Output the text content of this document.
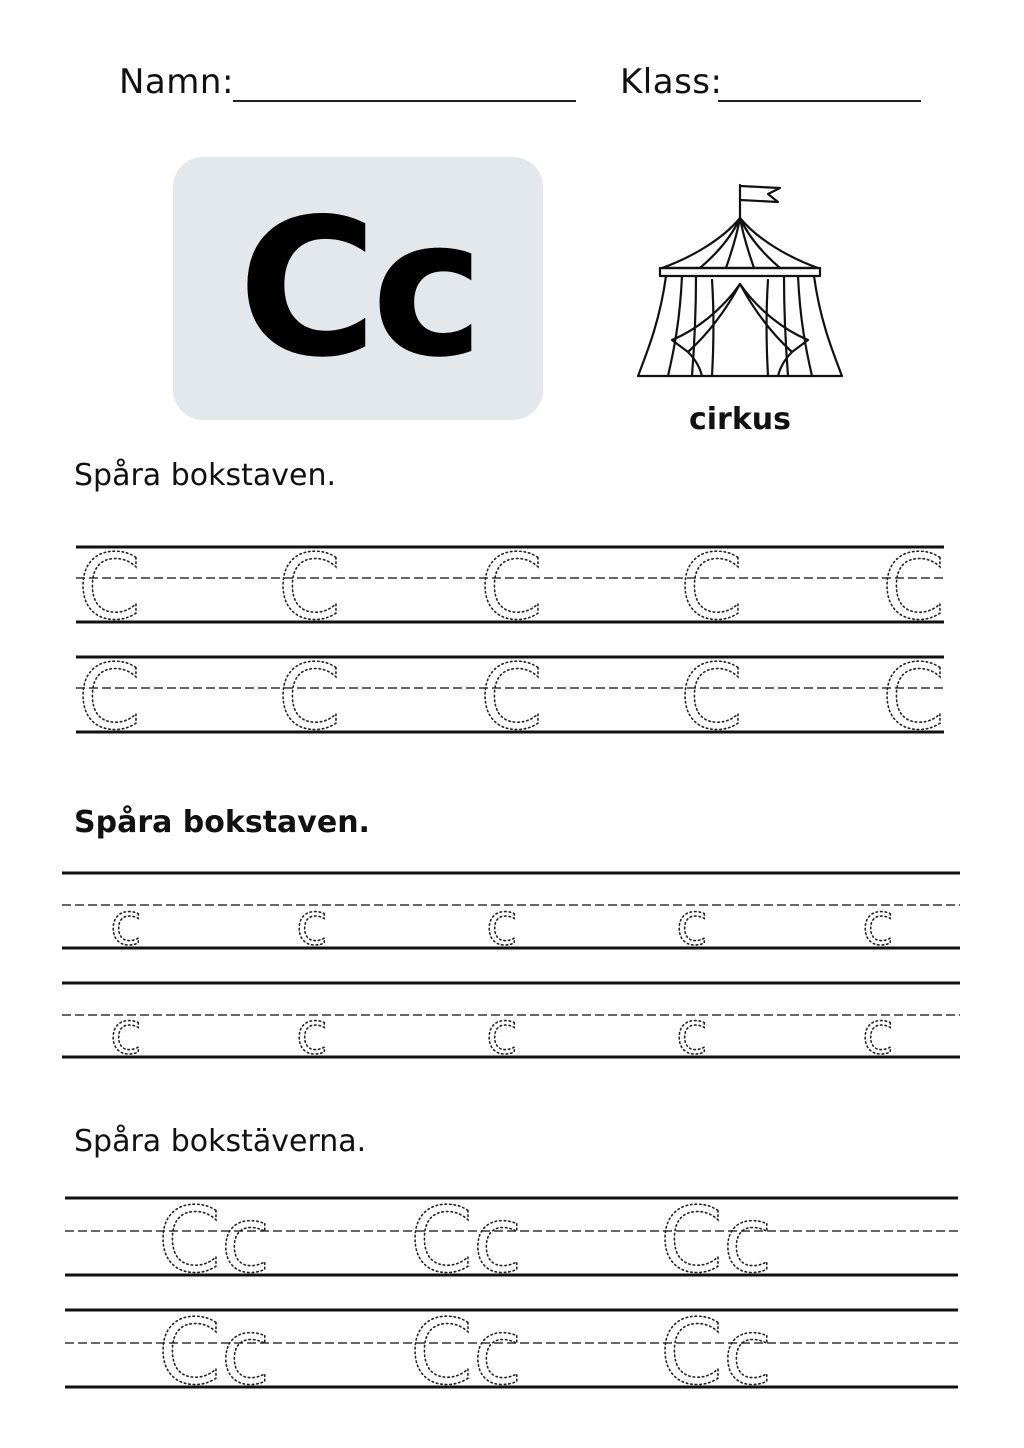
Namn:	Klass:
Cc
cirkus
Spåra bokstaven.
Spåra bokstaven.
Spåra bokstäverna.
C C C C C
C C C C C
c	c	c	c	c
c	c	c	c	c
Cc Cc Cc
Cc Cc Cc
